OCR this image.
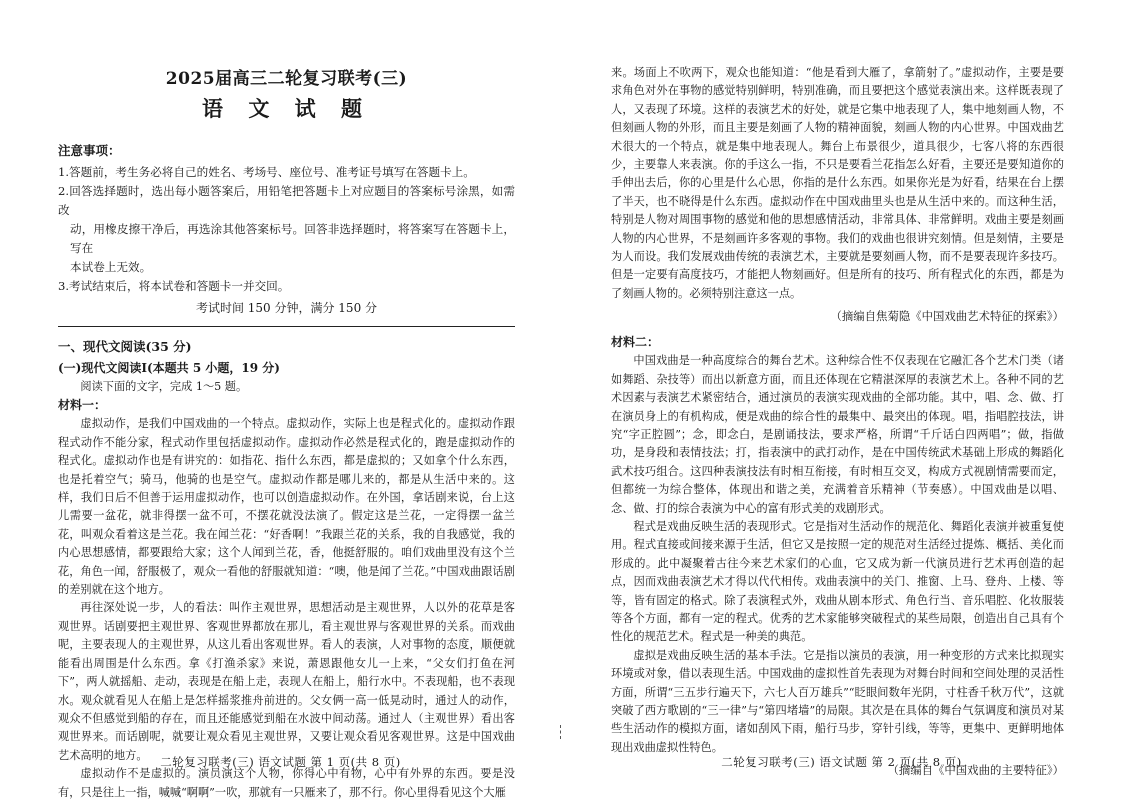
2025届高三二轮复习联考(三)
语 文 试 题

注意事项：

1.答题前，考生务必将自己的姓名、考场号、座位号、准考证号填写在答题卡上。

2.回答选择题时，选出每小题答案后，用铅笔把答题卡上对应题目的答案标号涂黑，如需改

动，用橡皮擦干净后，再选涂其他答案标号。回答非选择题时，将答案写在答题卡上，写在

本试卷上无效。

3.考试结束后，将本试卷和答题卡一并交回。

考试时间 150 分钟，满分 150 分

一、现代文阅读(35 分)

(一)现代文阅读Ⅰ(本题共 5 小题，19 分)

阅读下面的文字，完成 1～5 题。

材料一：

虚拟动作，是我们中国戏曲的一个特点。虚拟动作，实际上也是程式化的。虚拟动作跟程式动作不能分家，程式动作里包括虚拟动作。虚拟动作必然是程式化的，跑是虚拟动作的程式化。虚拟动作也是有讲究的：如指花、指什么东西，都是虚拟的；又如拿个什么东西，也是托着空气；骑马，他骑的也是空气。虚拟动作都是哪儿来的，都是从生活中来的。这样，我们日后不但善于运用虚拟动作，也可以创造虚拟动作。在外国，拿话剧来说，台上这儿需要一盆花，就非得摆一盆不可，不摆花就没法演了。假定这是兰花，一定得摆一盆兰花，叫观众看着这是兰花。我在闻兰花：“好香啊！”我跟兰花的关系，我的自我感觉，我的内心思想感情，都要跟给大家；这个人闻到兰花，香，他挺舒服的。咱们戏曲里没有这个兰花，角色一闻，舒服极了，观众一看他的舒服就知道：“噢，他是闻了兰花。”中国戏曲跟话剧的差别就在这个地方。

再往深处说一步，人的看法：叫作主观世界，思想活动是主观世界，人以外的花草是客观世界。话剧要把主观世界、客观世界都放在那儿，看主观世界与客观世界的关系。而戏曲呢，主要表现人的主观世界，从这儿看出客观世界。看人的表演，人对事物的态度，顺便就能看出周围是什么东西。拿《打渔杀家》来说，萧恩跟他女儿一上来，“父女们打鱼在河下”，两人就摇船、走动，表现是在船上走，表现人在船上，船行水中。不表现船，也不表现水。观众就看见人在船上是怎样摇浆推舟前进的。父女俩一高一低晃动时，通过人的动作，观众不但感觉到船的存在，而且还能感觉到船在水波中间动荡。通过人（主观世界）看出客观世界来。而话剧呢，就要让观众看见主观世界，又要让观众看见客观世界。这是中国戏曲艺术高明的地方。

虚拟动作不是虚拟的。演员演这个人物，你得心中有物，心中有外界的东西。要是没有，只是往上一指，喊喊“啊啊”一吹，那就有一只雁来了，那不行。你心里得看见这个大雁

来。场面上不吹两下，观众也能知道：“他是看到大雁了，拿箭射了。”虚拟动作，主要是要求角色对外在事物的感觉特别鲜明，特别准确，而且要把这个感觉表演出来。这样既表现了人，又表现了环境。这样的表演艺术的好处，就是它集中地表现了人，集中地刻画人物，不但刻画人物的外形，而且主要是刻画了人物的精神面貌，刻画人物的内心世界。中国戏曲艺术很大的一个特点，就是集中地表现人。舞台上布景很少，道具很少，七客八将的东西很少，主要靠人来表演。你的手这么一指，不只是要看兰花指怎么好看，主要还是要知道你的手伸出去后，你的心里是什么心思，你指的是什么东西。如果你光是为好看，结果在台上摆了半天，也不晓得是什么东西。虚拟动作在中国戏曲里头也是从生活中来的。而这种生活，特别是人物对周围事物的感觉和他的思想感情活动，非常具体、非常鲜明。戏曲主要是刻画人物的内心世界，不是刻画许多客观的事物。我们的戏曲也很讲究刻情。但是刻情，主要是为人而设。我们发展戏曲传统的表演艺术，主要就是要刻画人物，而不是要表现许多技巧。但是一定要有高度技巧，才能把人物刻画好。但是所有的技巧、所有程式化的东西，都是为了刻画人物的。必须特别注意这一点。

（摘编自焦菊隐《中国戏曲艺术特征的探索》）

材料二：

中国戏曲是一种高度综合的舞台艺术。这种综合性不仅表现在它融汇各个艺术门类（诸如舞蹈、杂技等）而出以新意方面，而且还体现在它精湛深厚的表演艺术上。各种不同的艺术因素与表演艺术紧密结合，通过演员的表演实现戏曲的全部功能。其中，唱、念、做、打在演员身上的有机构成，便是戏曲的综合性的最集中、最突出的体现。唱，指唱腔技法，讲究“字正腔圆”；念，即念白，是剧诵技法，要求严格，所谓“千斤话白四两唱”；做，指做功，是身段和表情技法；打，指表演中的武打动作，是在中国传统武术基础上形成的舞蹈化武术技巧组合。这四种表演技法有时相互衔接，有时相互交叉，构成方式视剧情需要而定，但都统一为综合整体，体现出和谐之美，充满着音乐精神（节奏感）。中国戏曲是以唱、念、做、打的综合表演为中心的富有形式美的戏剧形式。

程式是戏曲反映生活的表现形式。它是指对生活动作的规范化、舞蹈化表演并被重复使用。程式直接或间接来源于生活，但它又是按照一定的规范对生活经过提炼、概括、美化而形成的。此中凝聚着古往今来艺术家们的心血，它又成为新一代演员进行艺术再创造的起点，因而戏曲表演艺术才得以代代相传。戏曲表演中的关门、推窗、上马、登舟、上楼、等等，皆有固定的格式。除了表演程式外，戏曲从剧本形式、角色行当、音乐唱腔、化妆服装等各个方面，都有一定的程式。优秀的艺术家能够突破程式的某些局限，创造出自己具有个性化的规范艺术。程式是一种美的典范。

虚拟是戏曲反映生活的基本手法。它是指以演员的表演，用一种变形的方式来比拟现实环境或对象，借以表现生活。中国戏曲的虚拟性首先表现为对舞台时间和空间处理的灵活性方面，所谓“三五步行遍天下，六七人百万雄兵”“眨眼间数年光阴，寸柱香千秋万代”，这就突破了西方歌剧的“三一律”与“第四堵墙”的局限。其次是在具体的舞台气氛调度和演员对某些生活动作的模拟方面，诸如刮风下雨，船行马步，穿针引线，等等，更集中、更鲜明地体现出戏曲虚拟性特色。

（摘编自《中国戏曲的主要特征》）

二轮复习联考(三) 语文试题 第 1 页(共 8 页)	二轮复习联考(三) 语文试题 第 2 页(共 8 页)
